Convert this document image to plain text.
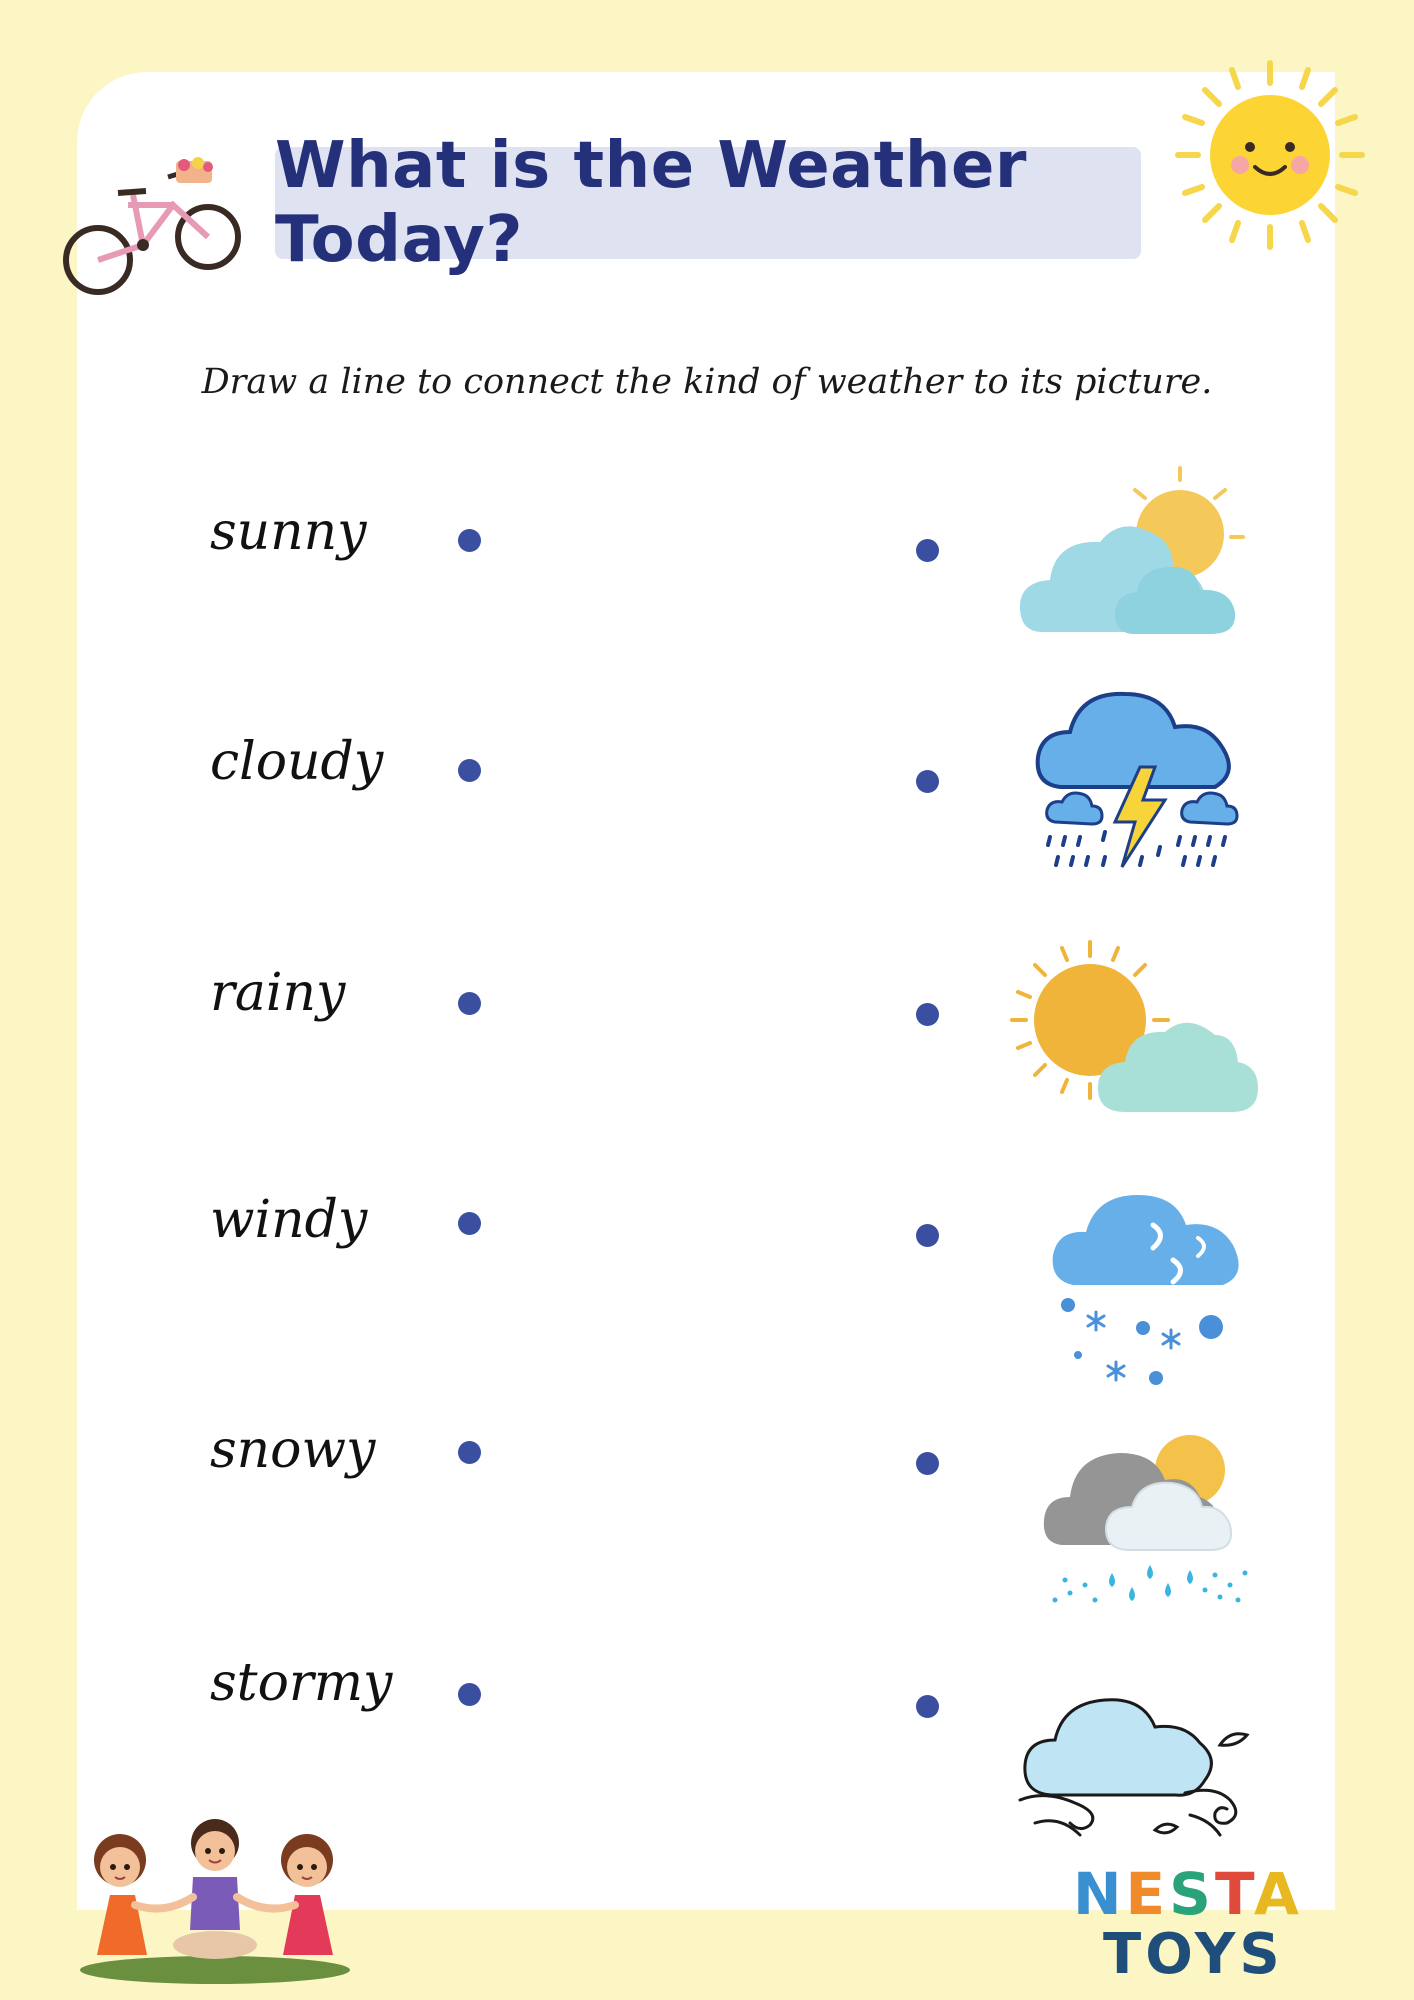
What is the Weather Today?
Draw a line to connect the kind of weather to its picture.
sunny
cloudy
rainy
windy
snowy
stormy
NESTA
TOYS
